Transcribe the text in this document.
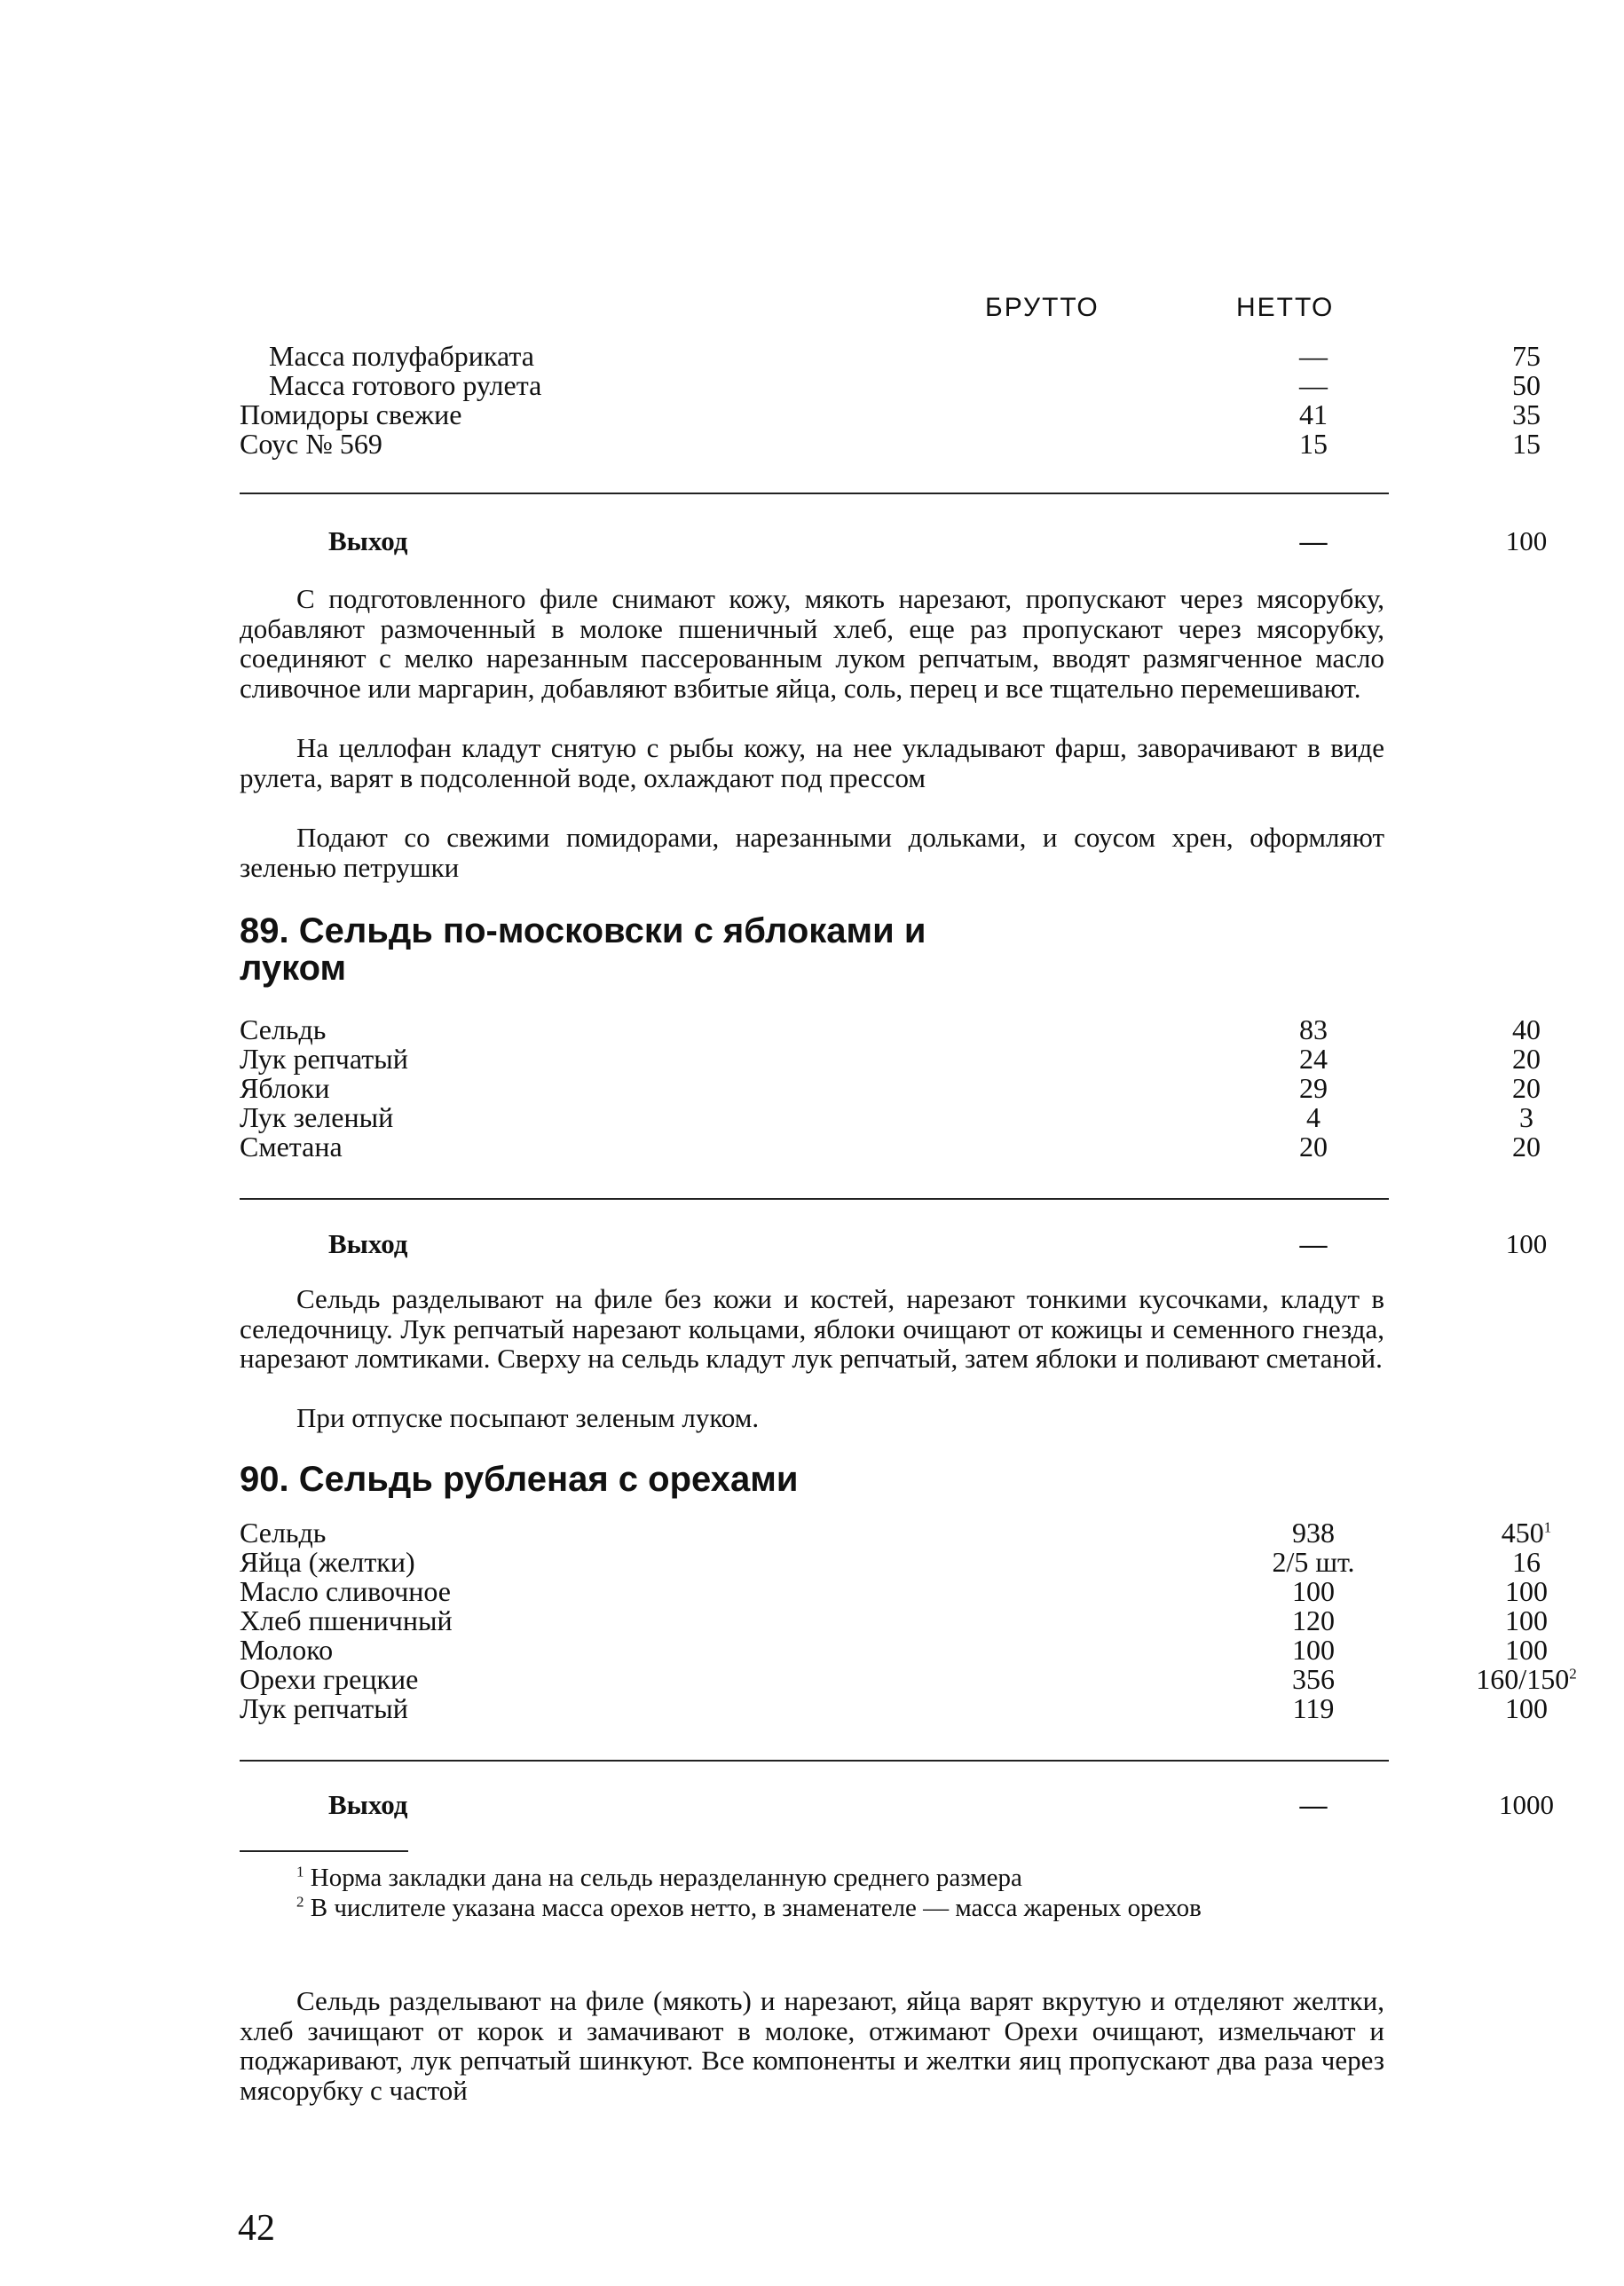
БРУТТО	НЕТТО
Масса полуфабриката	—	75
Масса готового рулета	—	50
Помидоры свежие	41	35
Соус № 569	15	15
Выход	—	100

С подготовленного филе снимают кожу, мякоть нарезают, пропускают через мясорубку, добавляют размоченный в молоке пшеничный хлеб, еще раз пропускают через мясорубку, соединяют с мелко нарезанным пассерованным луком репчатым, вводят размягченное масло сливочное или маргарин, добавляют взбитые яйца, соль, перец и все тщательно перемешивают.

На целлофан кладут снятую с рыбы кожу, на нее укладывают фарш, заворачивают в виде рулета, варят в подсоленной воде, охлаждают под прессом

Подают со свежими помидорами, нарезанными дольками, и соусом хрен, оформляют зеленью петрушки

89. Сельдь по-московски с яблоками и
луком
Сельдь	83	40
Лук репчатый	24	20
Яблоки	29	20
Лук зеленый	4	3
Сметана	20	20
Выход	—	100

Сельдь разделывают на филе без кожи и костей, нарезают тонкими кусочками, кладут в селедочницу. Лук репчатый нарезают кольцами, яблоки очищают от кожицы и семенного гнезда, нарезают ломтиками. Сверху на сельдь кладут лук репчатый, затем яблоки и поливают сметаной.

При отпуске посыпают зеленым луком.

90. Сельдь рубленая с орехами
Сельдь	938	$450^1$
Яйца (желтки)	2/5 шт.	16
Масло сливочное	100	100
Хлеб пшеничный	120	100
Молоко	100	100
Орехи грецкие	356	$160/150^2$
Лук репчатый	119	100
Выход	—	1000

$^1$ Норма закладки дана на сельдь неразделанную среднего размера

$^2$ В числителе указана масса орехов нетто, в знаменателе — масса жареных орехов

Сельдь разделывают на филе (мякоть) и нарезают, яйца варят вкрутую и отделяют желтки, хлеб зачищают от корок и замачивают в молоке, отжимают Орехи очищают, измельчают и поджаривают, лук репчатый шинкуют. Все компоненты и желтки яиц пропускают два раза через мясорубку с частой

42
